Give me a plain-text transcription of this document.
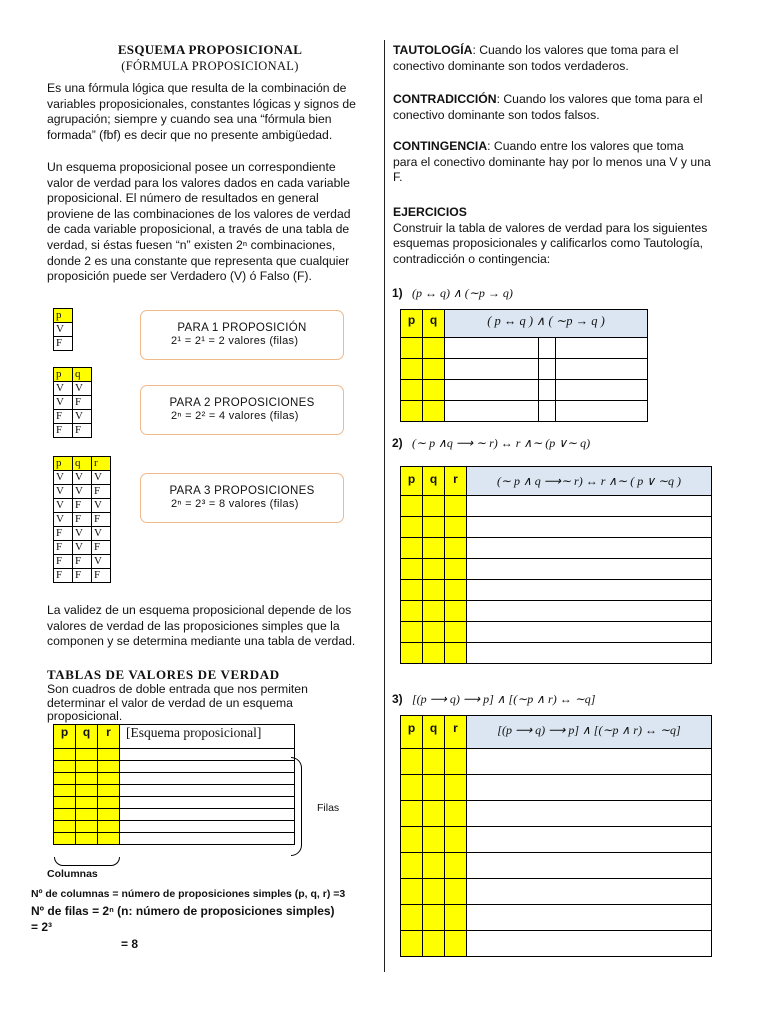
ESQUEMA PROPOSICIONAL
(FÓRMULA PROPOSICIONAL)
Es una fórmula lógica que resulta de la combinación de
variables proposicionales, constantes lógicas y signos de
agrupación; siempre y cuando sea una “fórmula bien
formada” (fbf) es decir que no presente ambigüedad.
Un esquema proposicional posee un correspondiente
valor de verdad para los valores dados en cada variable
proposicional. El número de resultados en general
proviene de las combinaciones de los valores de verdad
de cada variable proposicional, a través de una tabla de
verdad, si éstas fuesen “n” existen 2ⁿ combinaciones,
donde 2 es una constante que representa que cualquier
proposición puede ser Verdadero (V) ó Falso (F).
p
V
F
p	q
V	V
V	F
F	V
F	F
p	q	r
V	V	V
V	V	F
V	F	V
V	F	F
F	V	V
F	V	F
F	F	V
F	F	F
PARA 1 PROPOSICIÓN
2¹ = 2¹ = 2 valores (filas)
PARA 2 PROPOSICIONES
2ⁿ = 2² = 4 valores (filas)
PARA 3 PROPOSICIONES
2ⁿ = 2³ = 8 valores (filas)
La validez de un esquema proposicional depende de los
valores de verdad de las proposiciones simples que la
componen y se determina mediante una tabla de verdad.
TABLAS DE VALORES DE VERDAD
Son cuadros de doble entrada que nos permiten
determinar el valor de verdad de un esquema
proposicional.
p	q	r	[Esquema proposicional]

Filas
Columnas
Nº de columnas = número de proposiciones simples (p, q, r) =3
Nº de filas = 2ⁿ (n: número de proposiciones simples)
= 2³
= 8
TAUTOLOGÍA: Cuando los valores que toma para el
conectivo dominante son todos verdaderos.
CONTRADICCIÓN: Cuando los valores que toma para el
conectivo dominante son todos falsos.
CONTINGENCIA: Cuando entre los valores que toma
para el conectivo dominante hay por lo menos una V y una
F.
EJERCICIOS
Construir la tabla de valores de verdad para los siguientes
esquemas proposicionales y calificarlos como Tautología,
contradicción o contingencia:
1) (p ↔ q) ∧ (∼p → q)
p	q	( p ↔ q ) ∧ ( ∼p → q )		

2) (∼ p ∧q ⟶ ∼ r) ↔ r ∧∼ (p ∨∼ q)
p	q	r	(∼ p ∧ q ⟶∼ r) ↔ r ∧∼ ( p ∨ ∼q )

3) [(p ⟶ q) ⟶ p] ∧ [(∼p ∧ r) ↔ ∼q]
p	q	r	[(p ⟶ q) ⟶ p] ∧ [(∼p ∧ r) ↔ ∼q]
